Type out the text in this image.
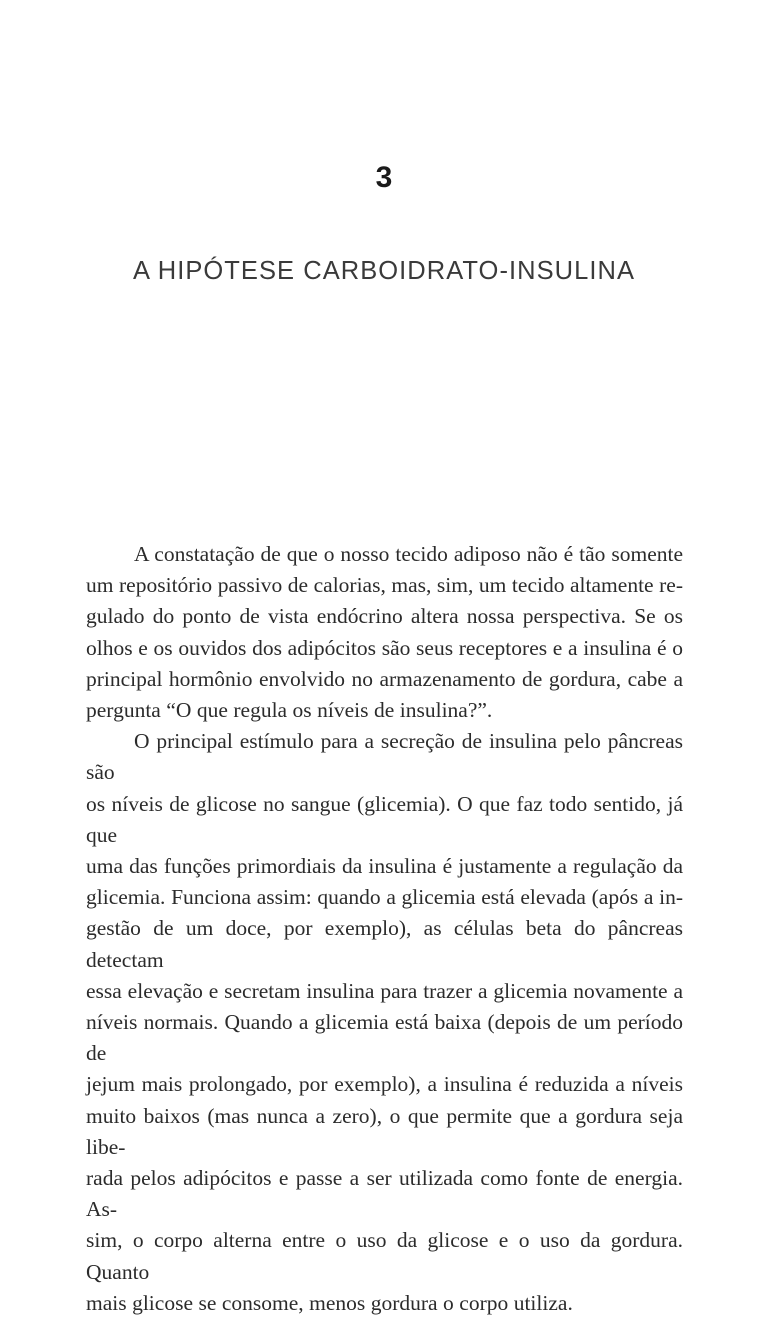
3
A HIPÓTESE CARBOIDRATO-INSULINA

A constatação de que o nosso tecido adiposo não é tão somente
um repositório passivo de calorias, mas, sim, um tecido altamente re-
gulado do ponto de vista endócrino altera nossa perspectiva. Se os
olhos e os ouvidos dos adipócitos são seus receptores e a insulina é o
principal hormônio envolvido no armazenamento de gordura, cabe a
pergunta “O que regula os níveis de insulina?”.

O principal estímulo para a secreção de insulina pelo pâncreas são
os níveis de glicose no sangue (glicemia). O que faz todo sentido, já que
uma das funções primordiais da insulina é justamente a regulação da
glicemia. Funciona assim: quando a glicemia está elevada (após a in-
gestão de um doce, por exemplo), as células beta do pâncreas detectam
essa elevação e secretam insulina para trazer a glicemia novamente a
níveis normais. Quando a glicemia está baixa (depois de um período de
jejum mais prolongado, por exemplo), a insulina é reduzida a níveis
muito baixos (mas nunca a zero), o que permite que a gordura seja libe-
rada pelos adipócitos e passe a ser utilizada como fonte de energia. As-
sim, o corpo alterna entre o uso da glicose e o uso da gordura. Quanto
mais glicose se consome, menos gordura o corpo utiliza.
